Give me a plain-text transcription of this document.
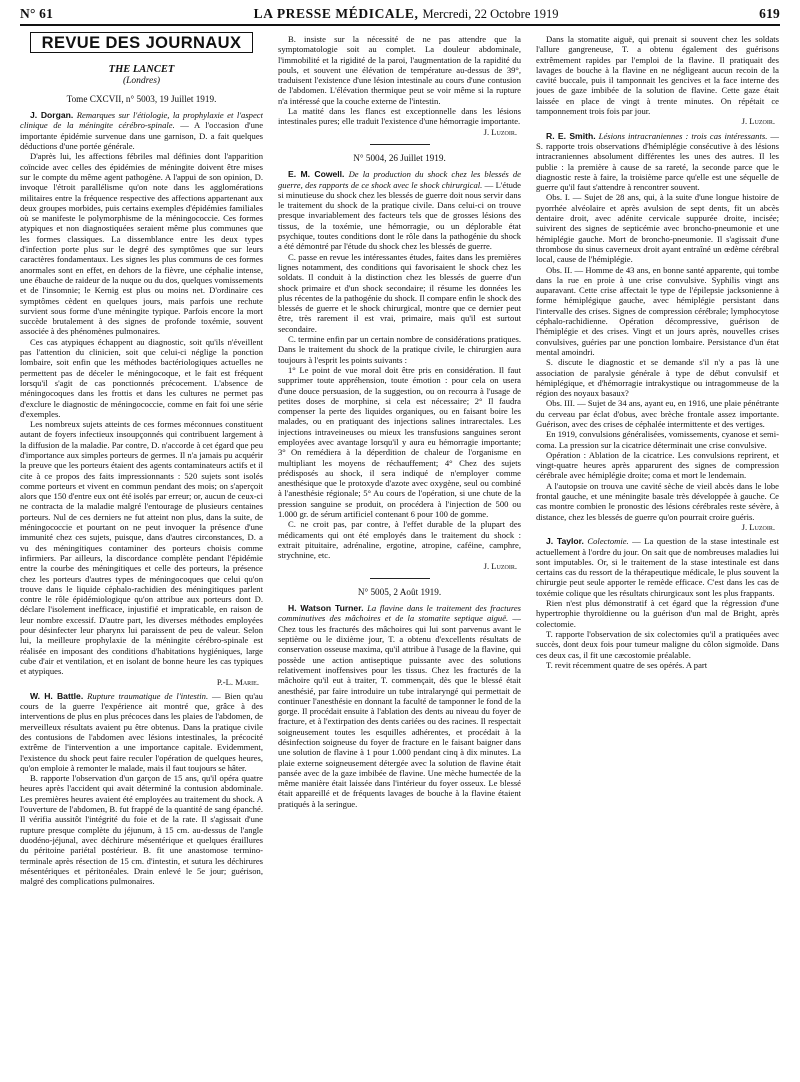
N° 61	LA PRESSE MÉDICALE, Mercredi, 22 Octobre 1919	619
REVUE DES JOURNAUX
THE LANCET
(Londres)
Tome CXCVII, n° 5003, 19 Juillet 1919.

J. Dorgan. Remarques sur l'étiologie, la prophylaxie et l'aspect clinique de la méningite cérébro-spinale. — A l'occasion d'une importante épidémie survenue dans une garnison, D. a fait quelques déductions d'une portée générale.

D'après lui, les affections fébriles mal définies dont l'apparition coïncide avec celles des épidémies de méningite doivent être mises sur le compte du même agent pathogène. A l'appui de son opinion, D. invoque l'étroit parallélisme qu'on note dans les agglomérations militaires entre la fréquence respective des affections appartenant aux deux groupes morbides, puis certains exemples d'épidémies familiales où se manifeste le polymorphisme de la méningococcie. Ces formes atypiques et non diagnostiquées seraient même plus communes que les formes classiques. La dissemblance entre les deux types d'infection porte plus sur le degré des symptômes que sur leurs caractères fondamentaux. Les signes les plus communs de ces formes anormales sont en effet, en dehors de la fièvre, une céphalie intense, une ébauche de raideur de la nuque ou du dos, quelques vomissements et de l'insomnie; le Kernig est plus ou moins net. D'ordinaire ces symptômes cèdent en quelques jours, mais parfois une rechute survient sous forme d'une méningite typique. Parfois encore la mort succède brutalement à des signes de profonde toxémie, souvent associée à des phénomènes pulmonaires.

Ces cas atypiques échappent au diagnostic, soit qu'ils n'éveillent pas l'attention du clinicien, soit que celui-ci néglige la ponction lombaire, soit enfin que les méthodes bactériologiques actuelles ne permettent pas de déceler le méningocoque, et le fait est fréquent lorsqu'il s'agit de cas ponctionnés précocement. L'absence de méningocoques dans les frottis et dans les cultures ne permet pas d'exclure le diagnostic de méningococcie, comme en fait foi une série d'exemples.

Les nombreux sujets atteints de ces formes méconnues constituent autant de foyers infectieux insoupçonnés qui contribuent largement à la diffusion de la maladie. Par contre, D. n'accorde à cet égard que peu d'importance aux simples porteurs de germes. Il n'a jamais pu acquérir la preuve que les porteurs étaient des agents contaminateurs actifs et il cite à ce propos des faits impressionnants : 520 sujets sont isolés comme porteurs et vivent en commun pendant des mois; on s'aperçoit alors que 150 d'entre eux ont été isolés par erreur; or, aucun de ceux-ci ne contracta de la maladie malgré l'entourage de plusieurs centaines porteurs. Nul de ces derniers ne fut atteint non plus, dans la suite, de méningococcie et pourtant on ne peut invoquer la présence d'une immunité chez ces sujets, puisque, dans d'autres circonstances, D. a vu des méningitiques contaminer des porteurs choisis comme infirmiers. Par ailleurs, la discordance complète pendant l'épidémie entre la courbe des méningitiques et celle des porteurs, la présence chez les porteurs d'autres types de méningocoques que celui qu'on trouve dans le liquide céphalo-rachidien des méningitiques parlent contre le rôle épidémiologique qu'on attribue aux porteurs dont D. déclare l'isolement inefficace, injustifié et impraticable, en raison de leur nombre excessif. D'autre part, les diverses méthodes employées pour désinfecter leur pharynx lui paraissent de peu de valeur. Selon lui, la meilleure prophylaxie de la méningite cérébro-spinale est réalisée en imposant des conditions d'habitations hygiéniques, large cube d'air et ventilation, et en isolant de bonne heure les cas typiques et atypiques.

P.-L. Marie.

W. H. Battle. Rupture traumatique de l'intestin. — Bien qu'au cours de la guerre l'expérience ait montré que, grâce à des interventions de plus en plus précoces dans les plaies de l'abdomen, de merveilleux résultats avaient pu être obtenus. Dans la pratique civile des contusions de l'abdomen avec lésions intestinales, la précocité extrême de l'intervention a une importance capitale. Evidemment, l'existence du shock peut faire reculer l'opération de quelques heures, qu'on emploie à remonter le malade, mais il faut toujours se hâter.

B. rapporte l'observation d'un garçon de 15 ans, qu'il opéra quatre heures après l'accident qui avait déterminé la contusion abdominale. Les premières heures avaient été employées au traitement du shock. A l'ouverture de l'abdomen, B. fut frappé de la quantité de sang épanché. Il vérifia aussitôt l'intégrité du foie et de la rate. Il s'agissait d'une rupture presque complète du jéjunum, à 15 cm. au-dessus de l'angle duodéno-jéjunal, avec déchirure mésentérique et quelques éraillures du péritoine pariétal postérieur. B. fit une anastomose termino-terminale après résection de 15 cm. d'intestin, et sutura les déchirures mésentériques et péritonéales. Drain enlevé le 5e jour; guérison, malgré des complications pulmonaires.

B. insiste sur la nécessité de ne pas attendre que la symptomatologie soit au complet. La douleur abdominale, l'immobilité et la rigidité de la paroi, l'augmentation de la rapidité du pouls, et souvent une élévation de température au-dessus de 39°, traduisent l'existence d'une lésion intestinale au cours d'une contusion de l'abdomen. L'élévation thermique peut se voir même si la rupture n'a intéressé que la couche externe de l'intestin.

La matité dans les flancs est exceptionnelle dans les lésions intestinales pures; elle traduit l'existence d'une hémorragie importante.

J. Luzoir.
N° 5004, 26 Juillet 1919.

E. M. Cowell. De la production du shock chez les blessés de guerre, des rapports de ce shock avec le shock chirurgical. — L'étude si minutieuse du shock chez les blessés de guerre doit nous servir dans le traitement du shock de la pratique civile. Dans celui-ci on trouve presque invariablement des facteurs tels que de grosses lésions des tissus, de la toxémie, une hémorragie, ou un déplorable état psychique, toutes conditions dont le rôle dans la pathogénie du shock a été démontré par l'étude du shock chez les blessés de guerre.

C. passe en revue les intéressantes études, faites dans les premières lignes notamment, des conditions qui favorisaient le shock chez les soldats. Il conduit à la distinction chez les blessés de guerre d'un shock primaire et d'un shock secondaire; il résume les données les plus récentes de la pathogénie du shock. Il compare enfin le shock des blessés de guerre et le shock chirurgical, montre que ce dernier peut être, très rarement il est vrai, primaire, mais qu'il est surtout secondaire.

C. termine enfin par un certain nombre de considérations pratiques. Dans le traitement du shock de la pratique civile, le chirurgien aura toujours à l'esprit les points suivants :

1° Le point de vue moral doit être pris en considération. Il faut supprimer toute appréhension, toute émotion : pour cela on usera d'une douce persuasion, de la suggestion, ou on recourra à l'usage de petites doses de morphine, si cela est nécessaire; 2° Il faudra compenser la perte des liquides organiques, ou en faisant boire les malades, ou en pratiquant des injections salines intrarectales. Les injections intraveineuses ou mieux les transfusions sanguines seront employées avec avantage lorsqu'il y aura eu hémorragie importante; 3° On remédiera à la déperdition de chaleur de l'organisme en multipliant les moyens de réchauffement; 4° Chez des sujets prédisposés au shock, il sera indiqué de n'employer comme anesthésique que le protoxyde d'azote avec oxygène, seul ou combiné à l'anesthésie régionale; 5° Au cours de l'opération, si une chute de la pression sanguine se produit, on procédera à l'injection de 500 ou 1.000 gr. de sérum artificiel contenant 6 pour 100 de gomme.

C. ne croit pas, par contre, à l'effet durable de la plupart des médicaments qui ont été employés dans le traitement du shock : extrait pituitaire, adrénaline, ergotine, atropine, caféine, camphre, strychnine, etc.

J. Luzoir.
N° 5005, 2 Août 1919.

H. Watson Turner. La flavine dans le traitement des fractures comminutives des mâchoires et de la stomatite septique aiguë. — Chez tous les fracturés des mâchoires qui lui sont parvenus avant le septième ou le dixième jour, T. a obtenu d'excellents résultats de conservation osseuse maxima, qu'il attribue à l'usage de la flavine, qui possède une action antiseptique puissante avec des solutions relativement inoffensives pour les tissus. Chez les fracturés de la mâchoire qu'il eut à traiter, T. commençait, dès que le blessé était anesthésié, par faire introduire un tube intralaryngé qui permettait de continuer l'anesthésie en donnant la faculté de tamponner le fond de la gorge. Il procédait ensuite à l'ablation des dents au niveau du foyer de fracture, et à l'extirpation des dents cariées ou des racines. Il respectait soigneusement toutes les esquilles adhérentes, et procédait à la désinfection soigneuse du foyer de fracture en le faisant baigner dans une solution de flavine à 1 pour 1.000 pendant cinq à dix minutes. La plaie externe soigneusement détergée avec la solution de flavine était pansée avec de la gaze imbibée de flavine. Une mèche humectée de la même manière était laissée dans l'intérieur du foyer osseux. Le blessé était appareillé et de fréquents lavages de bouche à la flavine étaient pratiqués à la seringue.

Dans la stomatite aiguë, qui prenait si souvent chez les soldats l'allure gangreneuse, T. a obtenu également des guérisons extrêmement rapides par l'emploi de la flavine. Il pratiquait des lavages de bouche à la flavine en ne négligeant aucun recoin de la cavité buccale, puis il tamponnait les gencives et la face interne des joues de gaze imbibée de la solution de flavine. Cette gaze était laissée en place de vingt à trente minutes. On répétait ce tamponnement trois fois par jour.

J. Luzoir.

R. E. Smith. Lésions intracraniennes : trois cas intéressants. — S. rapporte trois observations d'hémiplégie consécutive à des lésions intracraniennes absolument différentes les unes des autres. Il les publie : la première à cause de sa rareté, la seconde parce que le diagnostic reste à faire, la troisième parce qu'elle est une séquelle de guerre qu'il faut s'attendre à rencontrer souvent.

Obs. I. — Sujet de 28 ans, qui, à la suite d'une longue histoire de pyorrhée alvéolaire et après avulsion de sept dents, fit un abcès dentaire droit, avec adénite cervicale suppurée droite, incisée; suivirent des signes de septicémie avec broncho-pneumonie et une hémiplégie gauche. Mort de broncho-pneumonie. Il s'agissait d'une thrombose du sinus caverneux droit ayant entraîné un œdème cérébral local, cause de l'hémiplégie.

Obs. II. — Homme de 43 ans, en bonne santé apparente, qui tombe dans la rue en proie à une crise convulsive. Syphilis vingt ans auparavant. Cette crise affectait le type de l'épilepsie jacksonienne à forme hémiplégique gauche, avec hémiplégie persistant dans l'intervalle des crises. Signes de compression cérébrale; lymphocytose céphalo-rachidienne. Opération décompressive, guérison de l'hémiplégie et des crises. Vingt et un jours après, nouvelles crises convulsives, guéries par une ponction lombaire. Persistance d'un état mental amoindri.

S. discute le diagnostic et se demande s'il n'y a pas là une association de paralysie générale à type de début convulsif et hémiplégique, et d'hémorragie intrakystique ou intragommeuse de la région des noyaux basaux?

Obs. III. — Sujet de 34 ans, ayant eu, en 1916, une plaie pénétrante du cerveau par éclat d'obus, avec brèche frontale assez importante. Guérison, avec des crises de céphalée intermittente et des vertiges.

En 1919, convulsions généralisées, vomissements, cyanose et semi-coma. La pression sur la cicatrice déterminait une crise convulsive.

Opération : Ablation de la cicatrice. Les convulsions reprirent, et vingt-quatre heures après apparurent des signes de compression cérébrale avec hémiplégie droite; coma et mort le lendemain.

A l'autopsie on trouva une cavité sèche de vieil abcès dans le lobe frontal gauche, et une méningite basale très développée à gauche. Ce cas montre combien le pronostic des lésions cérébrales reste sévère, à distance, chez les blessés de guerre qu'on pourrait croire guéris.

J. Luzoir.

J. Taylor. Colectomie. — La question de la stase intestinale est actuellement à l'ordre du jour. On sait que de nombreuses maladies lui sont imputables. Or, si le traitement de la stase intestinale est dans certains cas du ressort de la thérapeutique médicale, le plus souvent la chirurgie peut seule apporter le remède efficace. C'est dans les cas de toxémie colique que les résultats chirurgicaux sont les plus frappants.

Rien n'est plus démonstratif à cet égard que la régression d'une hypertrophie thyroïdienne ou la guérison d'un mal de Bright, après colectomie.

T. rapporte l'observation de six colectomies qu'il a pratiquées avec succès, dont deux fois pour tumeur maligne du côlon sigmoïde. Dans ces deux cas, il fit une cæcostomie préalable.

T. revit récemment quatre de ses opérés. A part
